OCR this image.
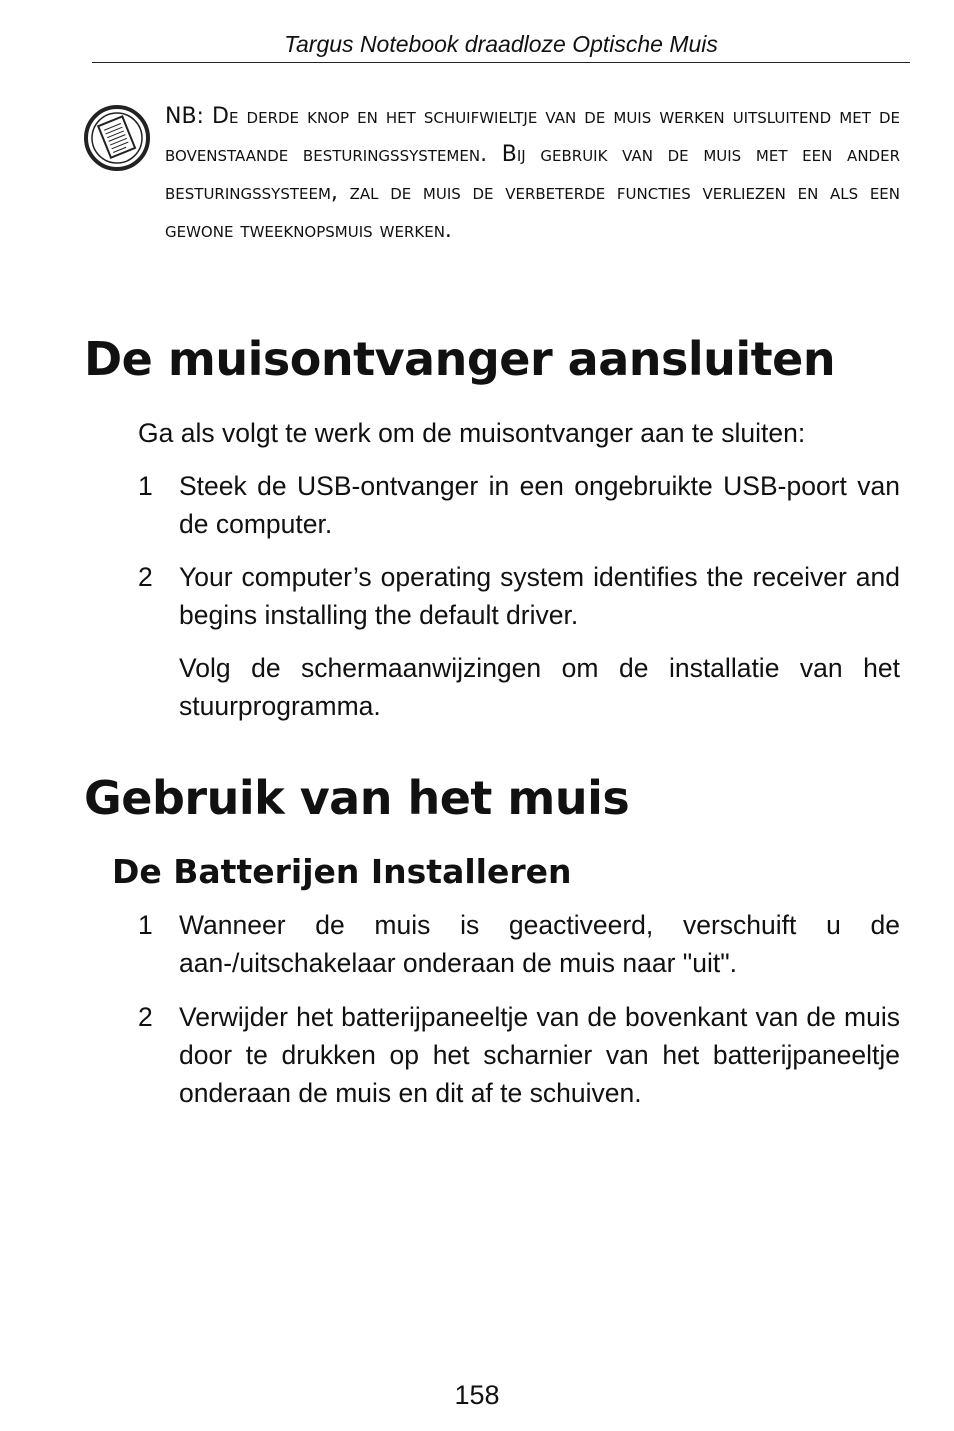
Targus Notebook draadloze Optische Muis
NB: De derde knop en het schuifwieltje van de muis werken uitsluitend met de bovenstaande besturingssystemen. Bij gebruik van de muis met een ander besturingssysteem, zal de muis de verbeterde functies verliezen en als een gewone tweeknopsmuis werken.
De muisontvanger aansluiten

Ga als volgt te werk om de muisontvanger aan te sluiten:

1 Steek de USB-ontvanger in een ongebruikte USB-poort van de computer.
2 Your computer’s operating system identifies the receiver and begins installing the default driver.

Volg de schermaanwijzingen om de installatie van het stuurprogramma.

Gebruik van het muis
De Batterijen Installeren
1 Wanneer de muis is geactiveerd, verschuift u de aan-/uitschakelaar onderaan de muis naar "uit".
2 Verwijder het batterijpaneeltje van de bovenkant van de muis door te drukken op het scharnier van het batterijpaneeltje onderaan de muis en dit af te schuiven.
158
